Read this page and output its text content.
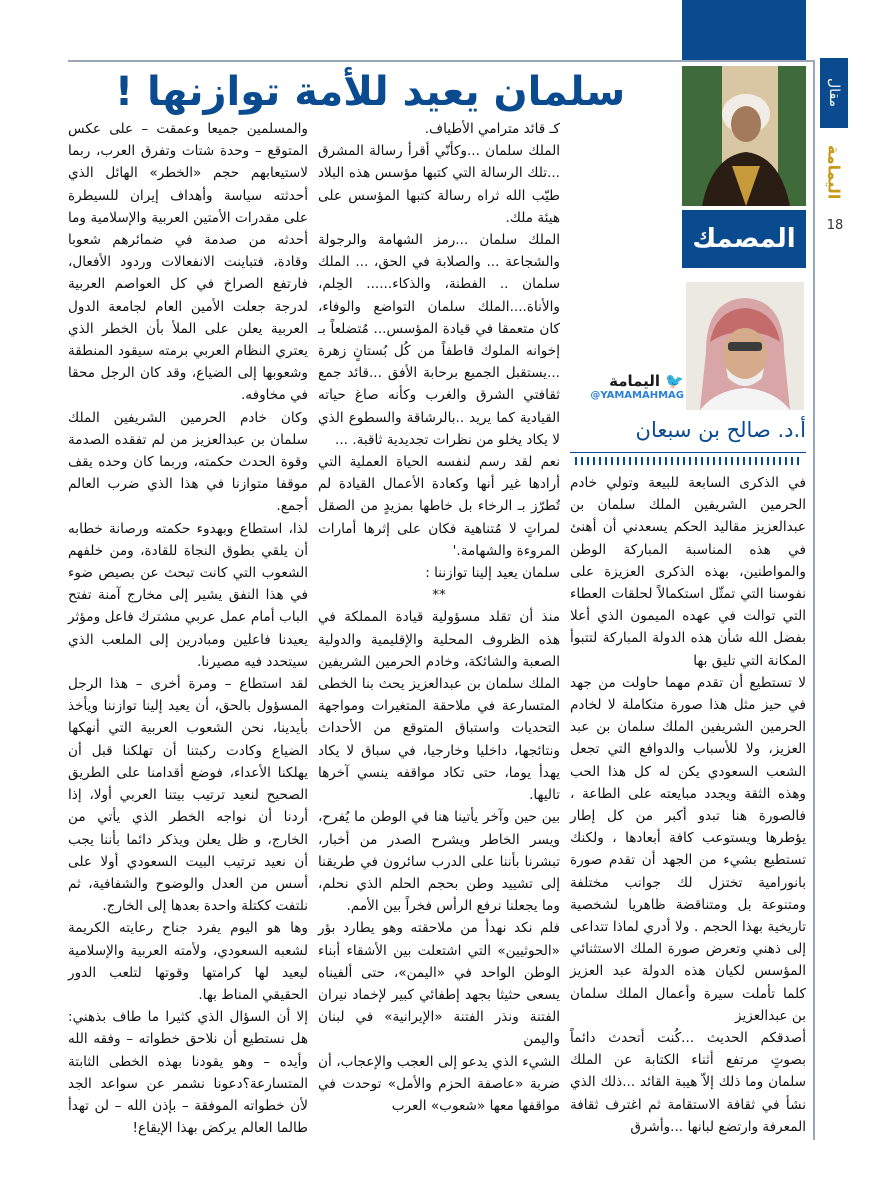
مقال
اليمامة
18
سلمان يعيد للأمة توازنها !
المصمك
🐦 اليمامة
@YAMAMAHMAG
أ.د. صالح بن سبعان

في الذكرى السابعة للبيعة وتولي خادم الحرمين الشريفين الملك سلمان بن عبدالعزيز مقاليد الحكم يسعدني أن أهنئ في هذه المناسبة المباركة الوطن والمواطنين، بهذه الذكرى العزيزة على نفوسنا التي تمثّل استكمالاً لحلقات العطاء التي توالت في عهده الميمون الذي أعلا بفضل الله شأن هذه الدولة المباركة لتتبوأ المكانة التي تليق بها

لا تستطيع أن تقدم مهما حاولت من جهد في حيز مثل هذا صورة متكاملة لا لخادم الحرمين الشريفين الملك سلمان بن عبد العزيز، ولا للأسباب والدوافع التي تجعل الشعب السعودي يكن له كل هذا الحب وهذه الثقة ويجدد مبايعته على الطاعة ، فالصورة هنا تبدو أكبر من كل إطار يؤطرها ويستوعب كافة أبعادها ، ولكنك تستطيع بشيء من الجهد أن تقدم صورة بانورامية تختزل لك جوانب مختلفة ومتنوعة بل ومتناقضة ظاهريا لشخصية تاريخية بهذا الحجم . ولا أدري لماذا تتداعى إلى ذهني وتعرض صورة الملك الاستثنائي المؤسس لكيان هذه الدولة عبد العزيز كلما تأملت سيرة وأعمال الملك سلمان بن عبدالعزيز

أصدقكم الحديث ...كُنت أتحدث دائماً بصوتٍ مرتفع أثناء الكتابة عن الملك سلمان وما ذلك إلاّ هيبة القائد ...ذلك الذي نشأ في ثقافة الاستقامة ثم اغترف ثقافة المعرفة وارتضع لبانها ...وأشرق

كـ قائد مترامي الأطياف.

الملك سلمان ...وكأنّي أقرأ رسالة المشرق ...تلك الرسالة التي كتبها مؤسس هذه البلاد طيّب الله ثراه رسالة كتبها المؤسس على هيئة ملك.

الملك سلمان ...رمز الشهامة والرجولة والشجاعة ... والصلابة في الحق، ... الملك سلمان .. الفطنة، والذكاء...... الحِلم، والأناة....الملك سلمان التواضع والوفاء، كان متعمقا في قيادة المؤسس... مُتضلعاً بـ إخوانه الملوك قاطفاً من كُل بُستانٍ زهرة ...يستقبل الجميع برحابة الأفق ...قائد جمع ثقافتي الشرق والغرب وكأنه صاغ حياته القيادية كما يريد ..بالرشاقة والسطوع الذي لا يكاد يخلو من نظرات تجديدية ثاقبة. ...

نعم لقد رسم لنفسه الحياة العملية التي أرادها غير أنها وكعادة الأعمال القيادة لم تُطرّز بـ الرخاء بل خاطها بمزيدٍ من الصقل لمراتٍ لا مُتناهية فكان على إثرها أمارات المروءة والشهامة.'

سلمان يعيد إلينا توازننا :

**

منذ أن تقلد مسؤولية قيادة المملكة في هذه الظروف المحلية والإقليمية والدولية الصعبة والشائكة، وخادم الحرمين الشريفين الملك سلمان بن عبدالعزيز يحث بنا الخطى المتسارعة في ملاحقة المتغيرات ومواجهة التحديات واستباق المتوقع من الأحداث ونتائجها، داخليا وخارجيا، في سباق لا يكاد يهدأ يوما، حتى تكاد مواقفه ينسي آخرها تاليها.

بين حين وآخر يأتينا هنا في الوطن ما يُفرح، ويسر الخاطر ويشرح الصدر من أخبار، تبشرنا بأننا على الدرب سائرون في طريقنا إلى تشييد وطن بحجم الحلم الذي نحلم، وما يجعلنا نرفع الرأس فخراً بين الأمم.

فلم نكد نهدأ من ملاحقته وهو يطارد بؤر «الحوثيين» التي اشتعلت بين الأشقاء أبناء الوطن الواحد في «اليمن»، حتى ألفيناه يسعى حثيثا بجهد إطفائي كبير لإخماد نيران الفتنة ونذر الفتنة «الإيرانية» في لبنان واليمن

الشيء الذي يدعو إلى العجب والإعجاب، أن ضربة «عاصفة الحزم والأمل» توحدت في مواقفها معها «شعوب» العرب

والمسلمين جميعا وعمقت – على عكس المتوقع – وحدة شتات وتفرق العرب، ربما لاستيعابهم حجم «الخطر» الهائل الذي أحدثته سياسة وأهداف إيران للسيطرة على مقدرات الأمتين العربية والإسلامية وما أحدثه من صدمة في ضمائرهم شعوبا وقادة، فتباينت الانفعالات وردود الأفعال، فارتفع الصراخ في كل العواصم العربية لدرجة جعلت الأمين العام لجامعة الدول العربية يعلن على الملأ بأن الخطر الذي يعتري النظام العربي برمته سيقود المنطقة وشعوبها إلى الضياع، وقد كان الرجل محقا في مخاوفه.

وكان خادم الحرمين الشريفين الملك سلمان بن عبدالعزيز من لم تفقده الصدمة وقوة الحدث حكمته، وربما كان وحده يقف موقفا متوازنا في هذا الذي ضرب العالم أجمع.

لذا، استطاع وبهدوء حكمته ورصانة خطابه أن يلقي بطوق النجاة للقادة، ومن خلفهم الشعوب التي كانت تبحث عن بصيص ضوء في هذا النفق يشير إلى مخارج آمنة تفتح الباب أمام عمل عربي مشترك فاعل ومؤثر يعيدنا فاعلين ومبادرين إلى الملعب الذي سيتحدد فيه مصيرنا.

لقد استطاع – ومرة أخرى – هذا الرجل المسؤول بالحق، أن يعيد إلينا توازننا ويأخذ بأيدينا، نحن الشعوب العربية التي أنهكها الضياع وكادت ركبتنا أن تهلكنا قبل أن يهلكنا الأعداء، فوضع أقدامنا على الطريق الصحيح لنعيد ترتيب بيتنا العربي أولا، إذا أردنا أن نواجه الخطر الذي يأتي من الخارج، و ظل يعلن ويذكر دائما بأننا يجب أن نعيد ترتيب البيت السعودي أولا على أسس من العدل والوضوح والشفافية، ثم نلتفت ككتلة واحدة بعدها إلى الخارج.

وها هو اليوم يفرد جناح رعايته الكريمة لشعبه السعودي، ولأمته العربية والإسلامية ليعيد لها كرامتها وقوتها لتلعب الدور الحقيقي المناط بها.

إلا أن السؤال الذي كثيرا ما طاف بذهني: هل نستطيع أن نلاحق خطواته – وفقه الله وأيده – وهو يقودنا بهذه الخطى الثابتة المتسارعة؟دعونا نشمر عن سواعد الجد لأن خطواته الموفقة – بإذن الله – لن تهدأ طالما العالم يركض بهذا الإيقاع!
